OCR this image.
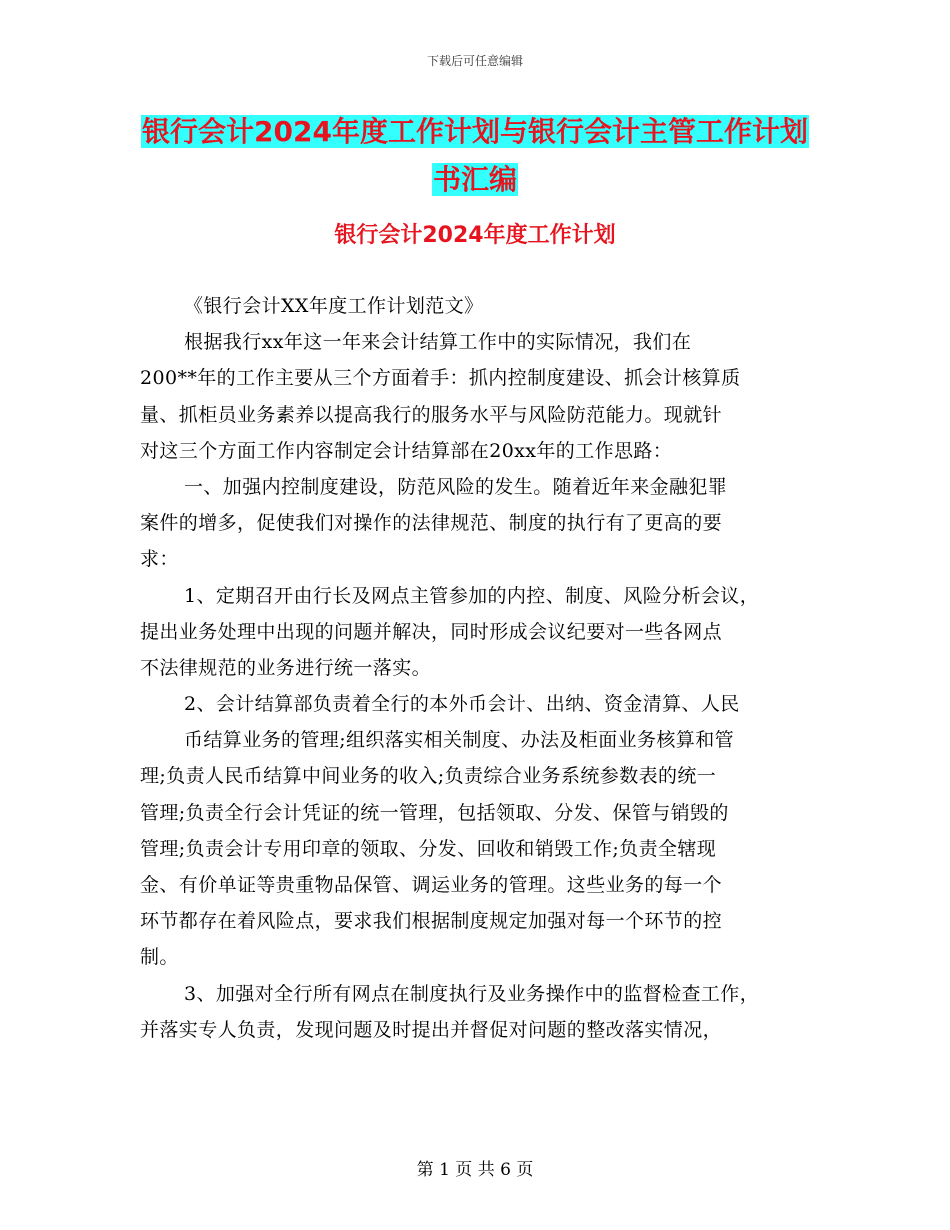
下载后可任意编辑
银行会计2024年度工作计划与银行会计主管工作计划
书汇编
银行会计2024年度工作计划
《银行会计XX年度工作计划范文》
根据我行xx年这一年来会计结算工作中的实际情况，我们在
200**年的工作主要从三个方面着手：抓内控制度建设、抓会计核算质
量、抓柜员业务素养以提高我行的服务水平与风险防范能力。现就针
对这三个方面工作内容制定会计结算部在20xx年的工作思路：
一、加强内控制度建设，防范风险的发生。随着近年来金融犯罪
案件的增多，促使我们对操作的法律规范、制度的执行有了更高的要
求：
1、定期召开由行长及网点主管参加的内控、制度、风险分析会议，
提出业务处理中出现的问题并解决，同时形成会议纪要对一些各网点
不法律规范的业务进行统一落实。
2、会计结算部负责着全行的本外币会计、出纳、资金清算、人民
币结算业务的管理;组织落实相关制度、办法及柜面业务核算和管
理;负责人民币结算中间业务的收入;负责综合业务系统参数表的统一
管理;负责全行会计凭证的统一管理，包括领取、分发、保管与销毁的
管理;负责会计专用印章的领取、分发、回收和销毁工作;负责全辖现
金、有价单证等贵重物品保管、调运业务的管理。这些业务的每一个
环节都存在着风险点，要求我们根据制度规定加强对每一个环节的控
制。
3、加强对全行所有网点在制度执行及业务操作中的监督检查工作，
并落实专人负责，发现问题及时提出并督促对问题的整改落实情况，
第 1 页 共 6 页
